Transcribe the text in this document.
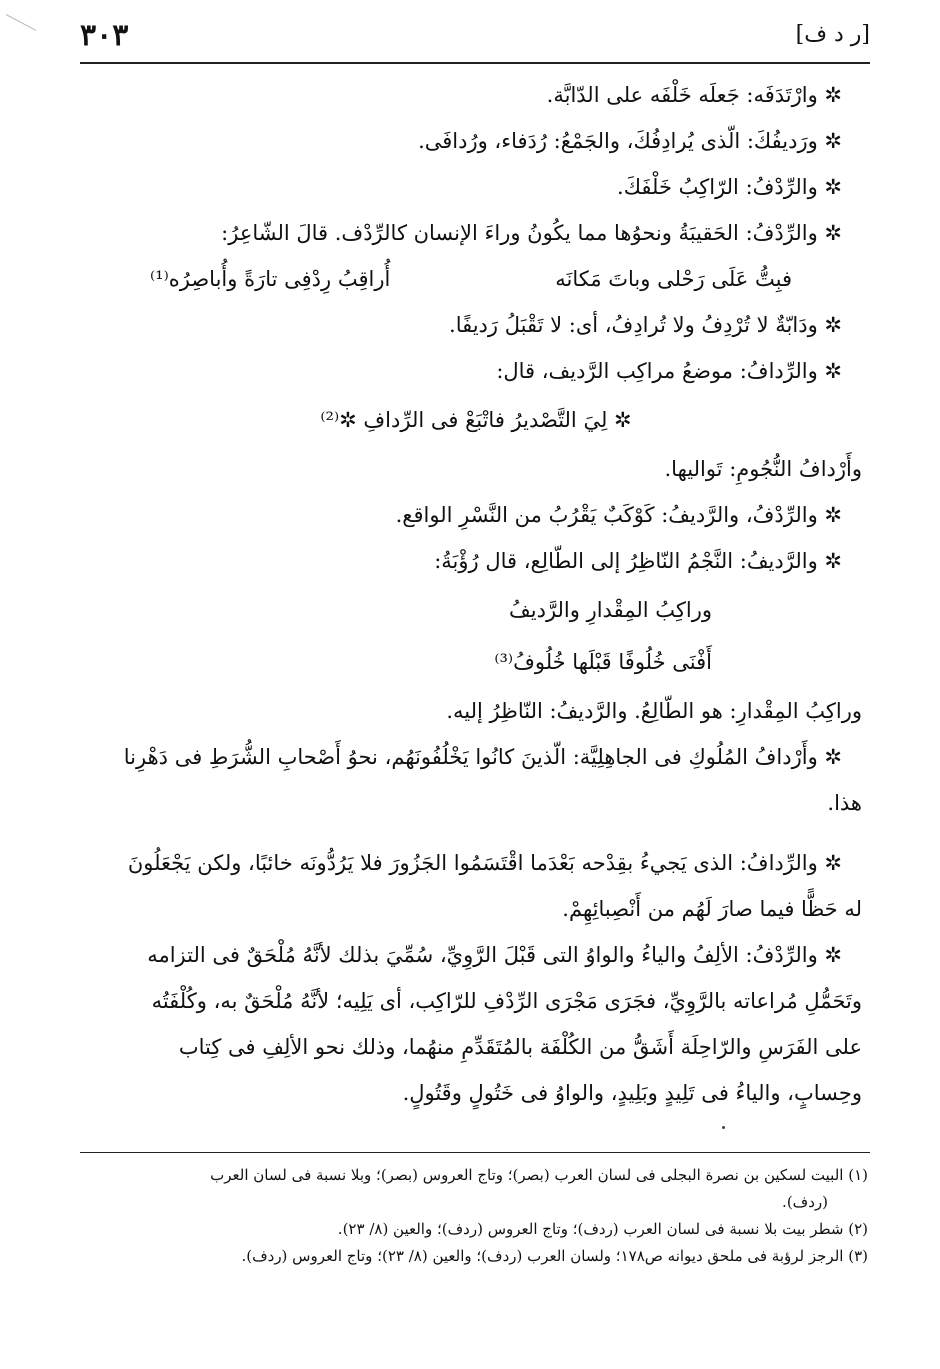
٣٠٣	[ر د ف]
✲ وارْتَدَفَه: جَعلَه خَلْفَه على الدّابَّة.
✲ ورَديفُكَ: الّذى يُرادِفُكَ، والجَمْعُ: رُدَفاء، ورُدافَى.
✲ والرِّدْفُ: الرّاكِبُ خَلْفَكَ.
✲ والرِّدْفُ: الحَقيبَةُ ونحوُها مما يكُونُ وراءَ الإنسان كالرِّدْف. قالَ الشّاعِرُ:
فبِتُّ عَلَى رَحْلى وباتَ مَكانَه
أُراقِبُ رِدْفِى تارَةً وأُباصِرُه⁽¹⁾
✲ ودَابّةٌ لا تُرْدِفُ ولا تُرادِفُ، أى: لا تَقْبَلُ رَديفًا.
✲ والرِّدافُ: موضعُ مراكِب الرَّديف، قال:
✲ لِيَ التَّصْديرُ فاتْبَعْ فى الرِّدافِ ✲⁽²⁾
وأَرْدافُ النُّجُومِ: تَواليها.
✲ والرِّدْفُ، والرَّديفُ: كَوْكَبٌ يَقْرُبُ من النَّسْرِ الواقع.
✲ والرَّديفُ: النَّجْمُ النّاظِرُ إلى الطّالِع، قال رُؤْبَةُ:
وراكِبُ المِقْدارِ والرَّديفُ
أَفْنَى خُلُوفًا قَبْلَها خُلُوفُ⁽³⁾
وراكِبُ المِقْدارِ: هو الطّالِعُ. والرَّديفُ: النّاظِرُ إليه.
✲ وأَرْدافُ المُلُوكِ فى الجاهِلِيَّة: الّذينَ كانُوا يَخْلُفُونَهُم، نحوُ أَصْحابِ الشُّرَطِ فى دَهْرِنا
هذا.
✲ والرِّدافُ: الذى يَجيءُ بقِدْحه بَعْدَما اقْتَسَمُوا الجَزُورَ فلا يَرُدُّونَه خائبًا، ولكن يَجْعَلُونَ
له حَظًّا فيما صارَ لَهُم من أَنْصِبائِهِمْ.
✲ والرِّدْفُ: الألِفُ والياءُ والواوُ التى قَبْلَ الرَّوِيِّ، سُمِّيَ بذلك لأنَّهُ مُلْحَقٌ فى التزامه
وتَحَمُّلِ مُراعاته بالرَّوِيِّ، فجَرَى مَجْرَى الرِّدْفِ للرّاكِب، أى يَلِيه؛ لأنَّهُ مُلْحَقٌ به، وكُلْفَتُه
على الفَرَسِ والرّاحِلَة أَشَقُّ من الكُلْفَة بالمُتَقَدِّمِ منهُما، وذلك نحو الألِفِ فى كِتاب
وحِسابٍ، والياءُ فى تَلِيدٍ وبَلِيدٍ، والواوُ فى خَتُولٍ وقَتُولٍ.
(١) البيت لسكين بن نصرة البجلى فى لسان العرب (بصر)؛ وتاج العروس (بصر)؛ وبلا نسبة فى لسان العرب
(ردف).
(٢) شطر بيت بلا نسبة فى لسان العرب (ردف)؛ وتاج العروس (ردف)؛ والعين (٨/ ٢٣).
(٣) الرجز لرؤبة فى ملحق ديوانه ص١٧٨؛ ولسان العرب (ردف)؛ والعين (٨/ ٢٣)؛ وتاج العروس (ردف).
